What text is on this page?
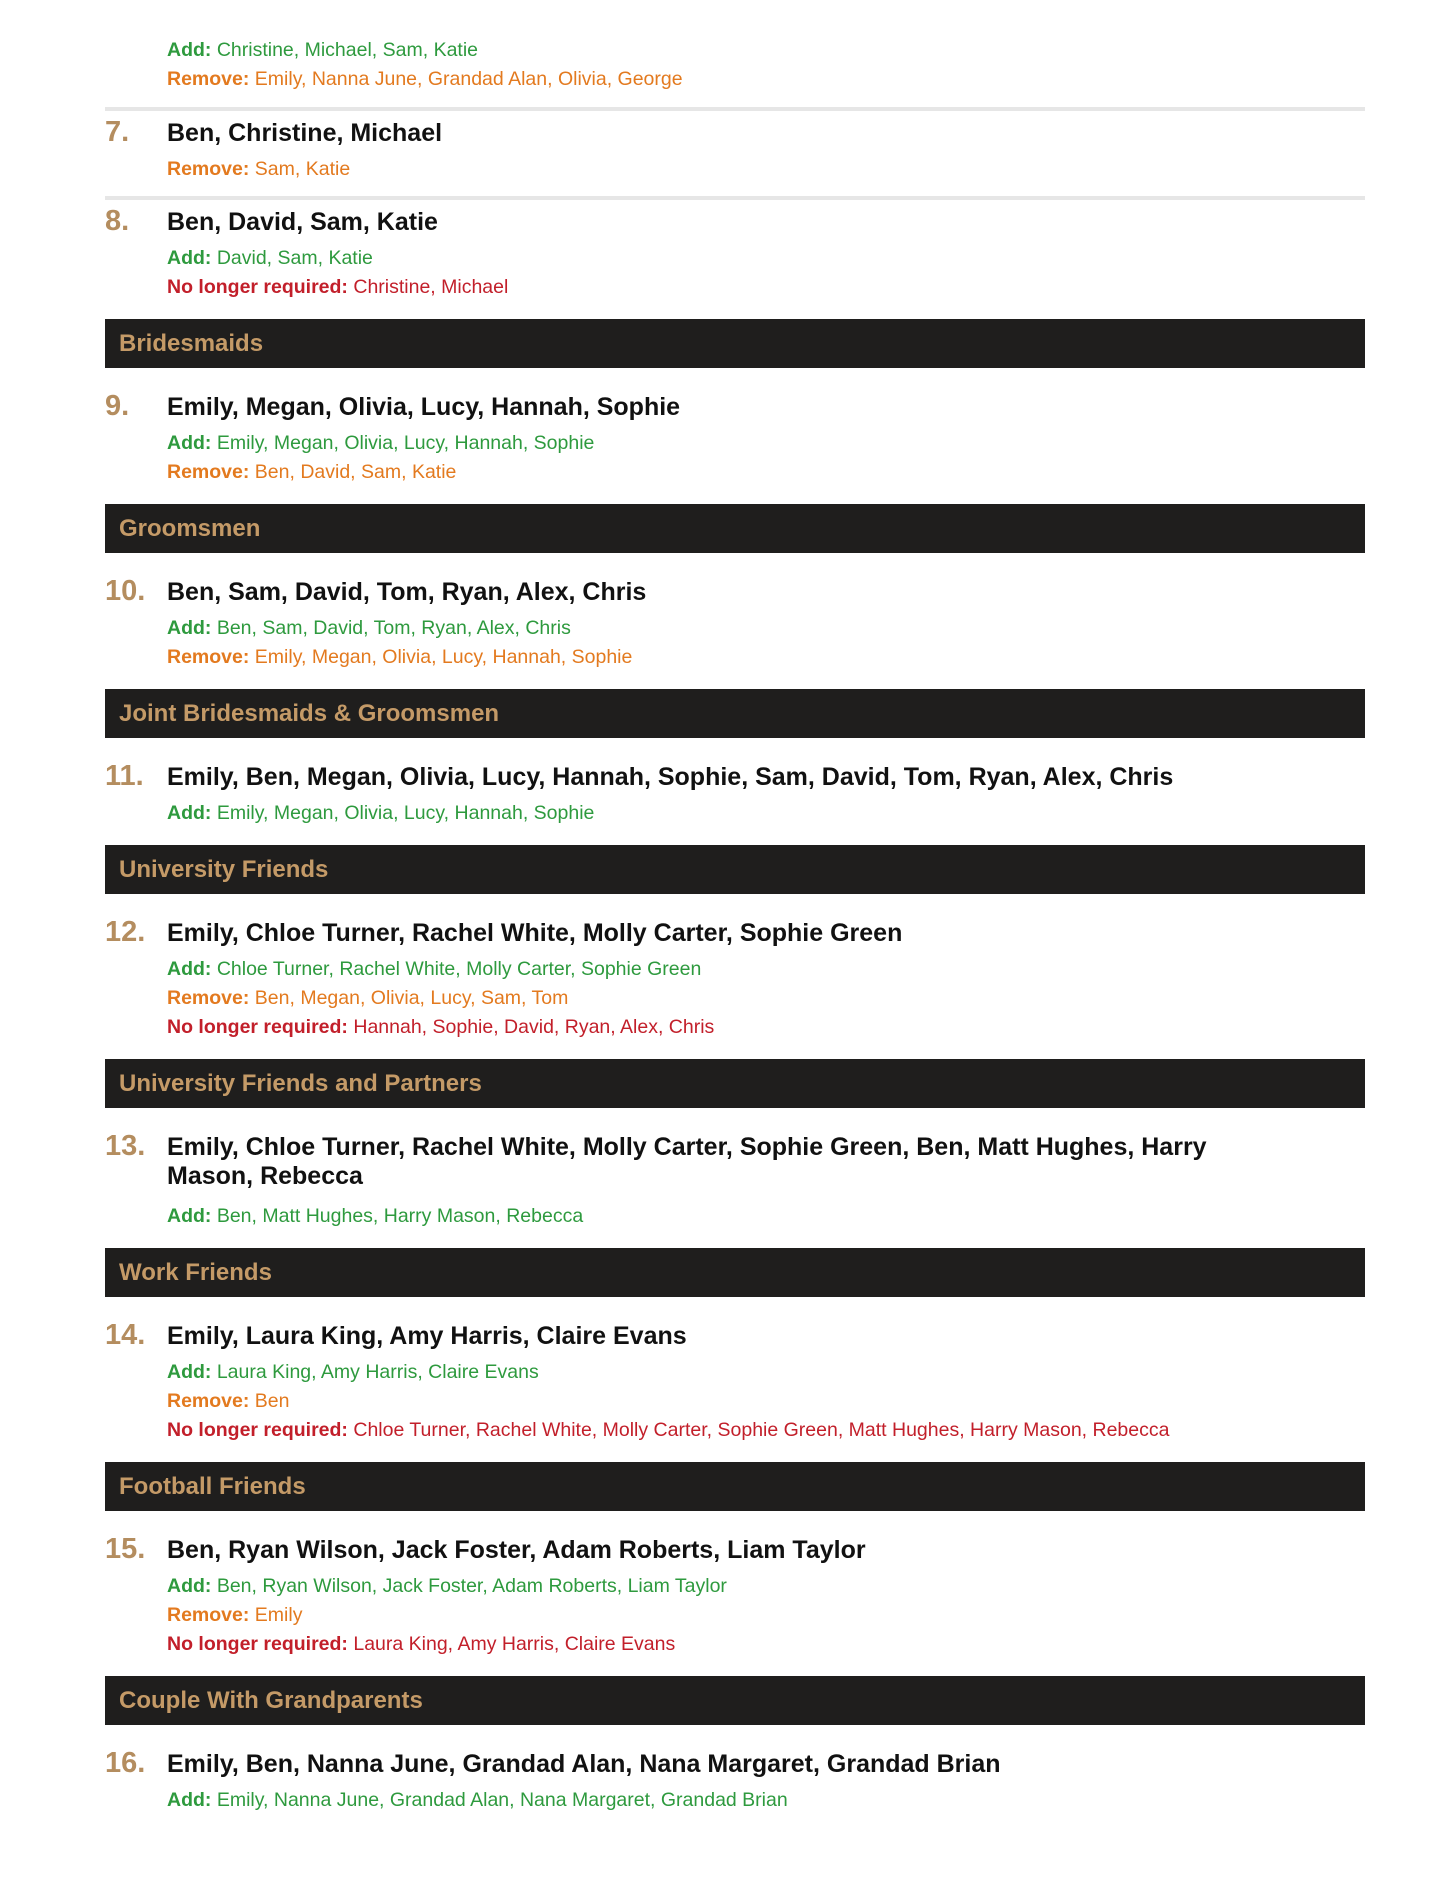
Add: Christine, Michael, Sam, Katie
Remove: Emily, Nanna June, Grandad Alan, Olivia, George
7. Ben, Christine, Michael
Remove: Sam, Katie
8. Ben, David, Sam, Katie
Add: David, Sam, Katie
No longer required: Christine, Michael
Bridesmaids
9. Emily, Megan, Olivia, Lucy, Hannah, Sophie
Add: Emily, Megan, Olivia, Lucy, Hannah, Sophie
Remove: Ben, David, Sam, Katie
Groomsmen
10. Ben, Sam, David, Tom, Ryan, Alex, Chris
Add: Ben, Sam, David, Tom, Ryan, Alex, Chris
Remove: Emily, Megan, Olivia, Lucy, Hannah, Sophie
Joint Bridesmaids & Groomsmen
11. Emily, Ben, Megan, Olivia, Lucy, Hannah, Sophie, Sam, David, Tom, Ryan, Alex, Chris
Add: Emily, Megan, Olivia, Lucy, Hannah, Sophie
University Friends
12. Emily, Chloe Turner, Rachel White, Molly Carter, Sophie Green
Add: Chloe Turner, Rachel White, Molly Carter, Sophie Green
Remove: Ben, Megan, Olivia, Lucy, Sam, Tom
No longer required: Hannah, Sophie, David, Ryan, Alex, Chris
University Friends and Partners
13. Emily, Chloe Turner, Rachel White, Molly Carter, Sophie Green, Ben, Matt Hughes, Harry Mason, Rebecca
Add: Ben, Matt Hughes, Harry Mason, Rebecca
Work Friends
14. Emily, Laura King, Amy Harris, Claire Evans
Add: Laura King, Amy Harris, Claire Evans
Remove: Ben
No longer required: Chloe Turner, Rachel White, Molly Carter, Sophie Green, Matt Hughes, Harry Mason, Rebecca
Football Friends
15. Ben, Ryan Wilson, Jack Foster, Adam Roberts, Liam Taylor
Add: Ben, Ryan Wilson, Jack Foster, Adam Roberts, Liam Taylor
Remove: Emily
No longer required: Laura King, Amy Harris, Claire Evans
Couple With Grandparents
16. Emily, Ben, Nanna June, Grandad Alan, Nana Margaret, Grandad Brian
Add: Emily, Nanna June, Grandad Alan, Nana Margaret, Grandad Brian
